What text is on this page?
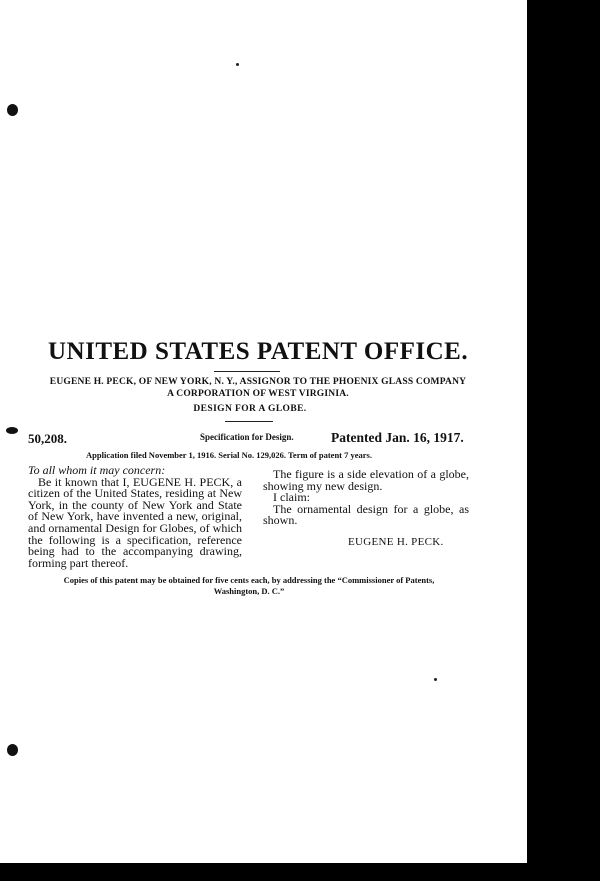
UNITED STATES PATENT OFFICE.
EUGENE H. PECK, OF NEW YORK, N. Y., ASSIGNOR TO THE PHOENIX GLASS COMPANY
A CORPORATION OF WEST VIRGINIA.
DESIGN FOR A GLOBE.
50,208.	Specification for Design.	Patented Jan. 16, 1917.
Application filed November 1, 1916. Serial No. 129,026. Term of patent 7 years.

To all whom it may concern:

Be it known that I, EUGENE H. PECK, a citizen of the United States, residing at New York, in the county of New York and State of New York, have invented a new, original, and ornamental Design for Globes, of which the following is a specification, reference being had to the accompanying drawing, forming part thereof.

The figure is a side elevation of a globe, showing my new design.

I claim:

The ornamental design for a globe, as shown.

EUGENE H. PECK.
Copies of this patent may be obtained for five cents each, by addressing the “Commissioner of Patents,
Washington, D. C.”
